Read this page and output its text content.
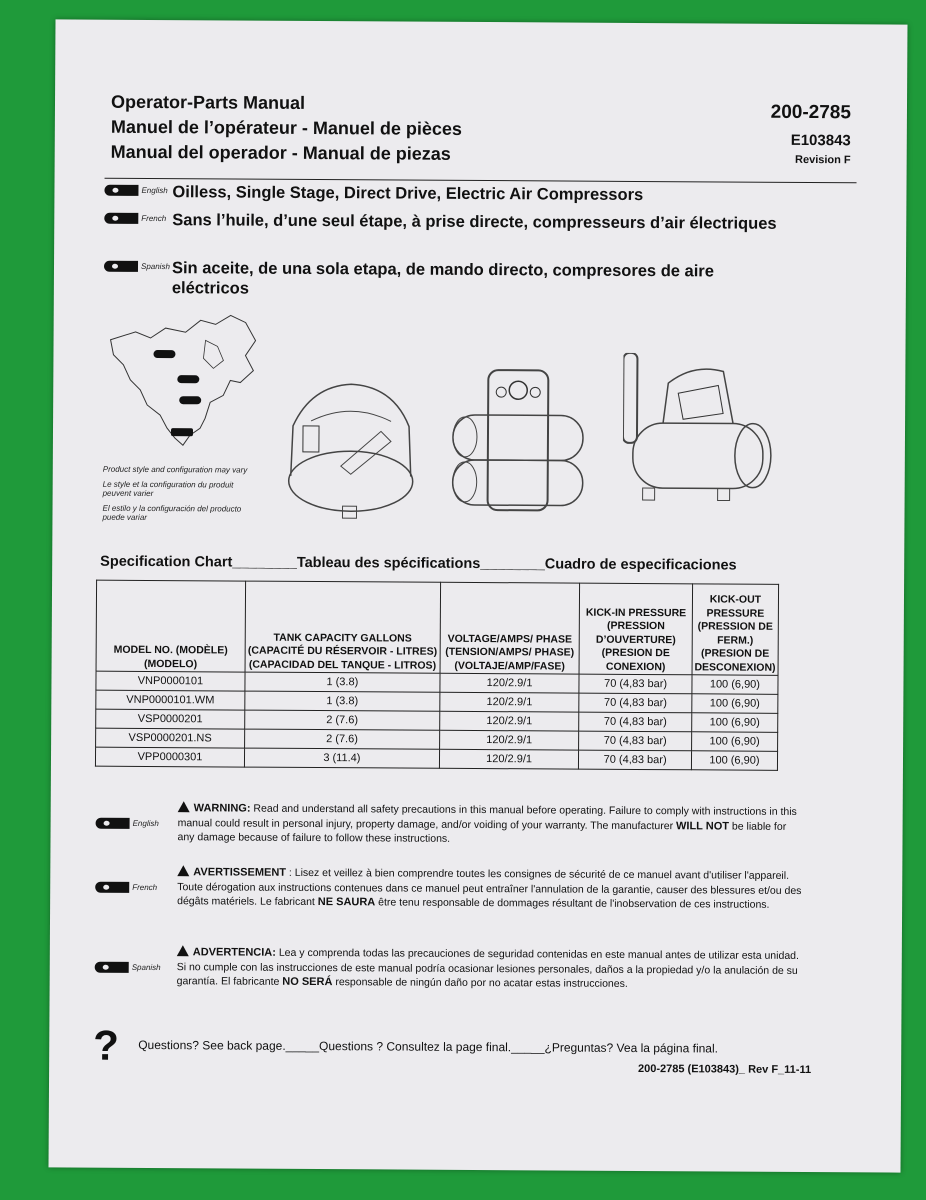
Operator-Parts Manual
Manuel de l’opérateur - Manuel de pièces
Manual del operador - Manual de piezas
200-2785
E103843
Revision F
English Oilless, Single Stage, Direct Drive, Electric Air Compressors
French Sans l’huile, d’une seul étape, à prise directe, compresseurs d’air électriques
Spanish Sin aceite, de una sola etapa, de mando directo, compresores de aire eléctricos
Product style and configuration may vary
Le style et la configuration du produit peuvent varier
El estilo y la configuración del producto puede variar
Specification Chart________Tableau des spécifications________Cuadro de especificaciones
MODEL NO. (MODÈLE) (MODELO)	TANK CAPACITY GALLONS (CAPACITÉ DU RÉSERVOIR - LITRES) (CAPACIDAD DEL TANQUE - LITROS)	VOLTAGE/AMPS/ PHASE (TENSION/AMPS/ PHASE) (VOLTAJE/AMP/FASE)	KICK-IN PRESSURE (PRESSION D’OUVERTURE) (PRESION DE CONEXION)	KICK-OUT PRESSURE (PRESSION DE FERM.) (PRESION DE DESCONEXION)
VNP0000101	1 (3.8)	120/2.9/1	70 (4,83 bar)	100 (6,90)
VNP0000101.WM	1 (3.8)	120/2.9/1	70 (4,83 bar)	100 (6,90)
VSP0000201	2 (7.6)	120/2.9/1	70 (4,83 bar)	100 (6,90)
VSP0000201.NS	2 (7.6)	120/2.9/1	70 (4,83 bar)	100 (6,90)
VPP0000301	3 (11.4)	120/2.9/1	70 (4,83 bar)	100 (6,90)
English
WARNING: Read and understand all safety precautions in this manual before operating. Failure to comply with instructions in this manual could result in personal injury, property damage, and/or voiding of your warranty. The manufacturer WILL NOT be liable for any damage because of failure to follow these instructions.
French
AVERTISSEMENT : Lisez et veillez à bien comprendre toutes les consignes de sécurité de ce manuel avant d'utiliser l'appareil. Toute dérogation aux instructions contenues dans ce manuel peut entraîner l'annulation de la garantie, causer des blessures et/ou des dégâts matériels. Le fabricant NE SAURA être tenu responsable de dommages résultant de l'inobservation de ces instructions.
Spanish
ADVERTENCIA: Lea y comprenda todas las precauciones de seguridad contenidas en este manual antes de utilizar esta unidad. Si no cumple con las instrucciones de este manual podría ocasionar lesiones personales, daños a la propiedad y/o la anulación de su garantía. El fabricante NO SERÁ responsable de ningún daño por no acatar estas instrucciones.
? Questions? See back page._____Questions ? Consultez la page final._____¿Preguntas? Vea la página final.
200-2785 (E103843)_ Rev F_11-11
